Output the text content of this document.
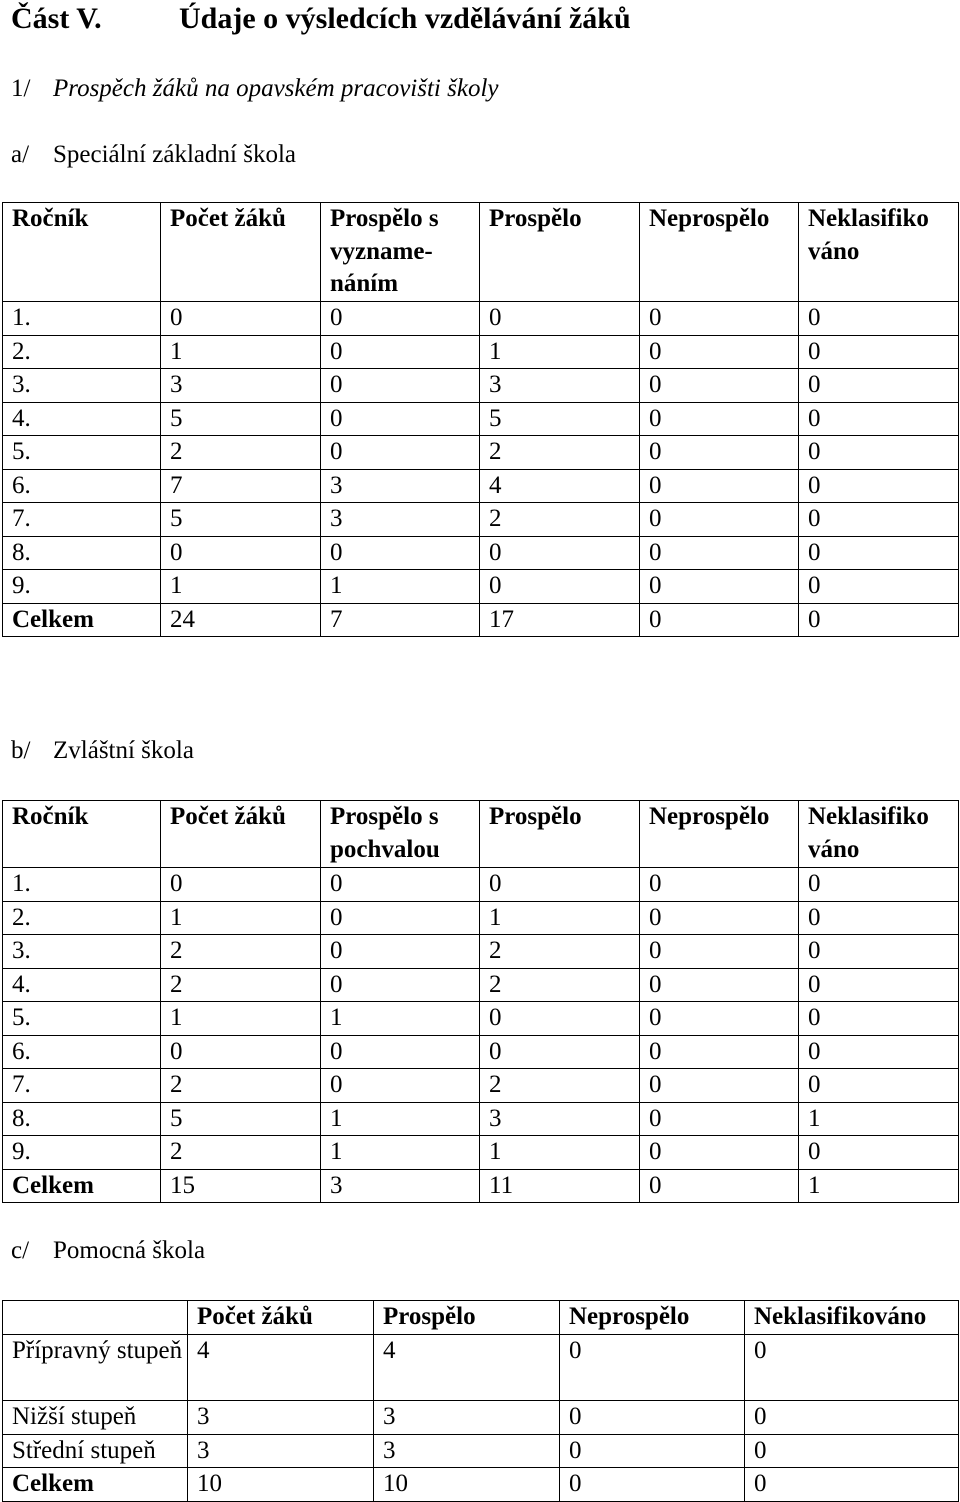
Část V.	Údaje o výsledcích vzdělávání žáků
1/ Prospěch žáků na opavském pracovišti školy
a/ Speciální základní škola
Ročník	Počet žáků	Prospělo s vyzname-náním	Prospělo	Neprospělo	Neklasifiko váno
1.	0	0	0	0	0
2.	1	0	1	0	0
3.	3	0	3	0	0
4.	5	0	5	0	0
5.	2	0	2	0	0
6.	7	3	4	0	0
7.	5	3	2	0	0
8.	0	0	0	0	0
9.	1	1	0	0	0
Celkem	24	7	17	0	0
b/ Zvláštní škola
Ročník	Počet žáků	Prospělo s pochvalou	Prospělo	Neprospělo	Neklasifiko váno
1.	0	0	0	0	0
2.	1	0	1	0	0
3.	2	0	2	0	0
4.	2	0	2	0	0
5.	1	1	0	0	0
6.	0	0	0	0	0
7.	2	0	2	0	0
8.	5	1	3	0	1
9.	2	1	1	0	0
Celkem	15	3	11	0	1
c/ Pomocná škola
	Počet žáků	Prospělo	Neprospělo	Neklasifikováno
Přípravný stupeň	4	4	0	0
Nižší stupeň	3	3	0	0
Střední stupeň	3	3	0	0
Celkem	10	10	0	0
